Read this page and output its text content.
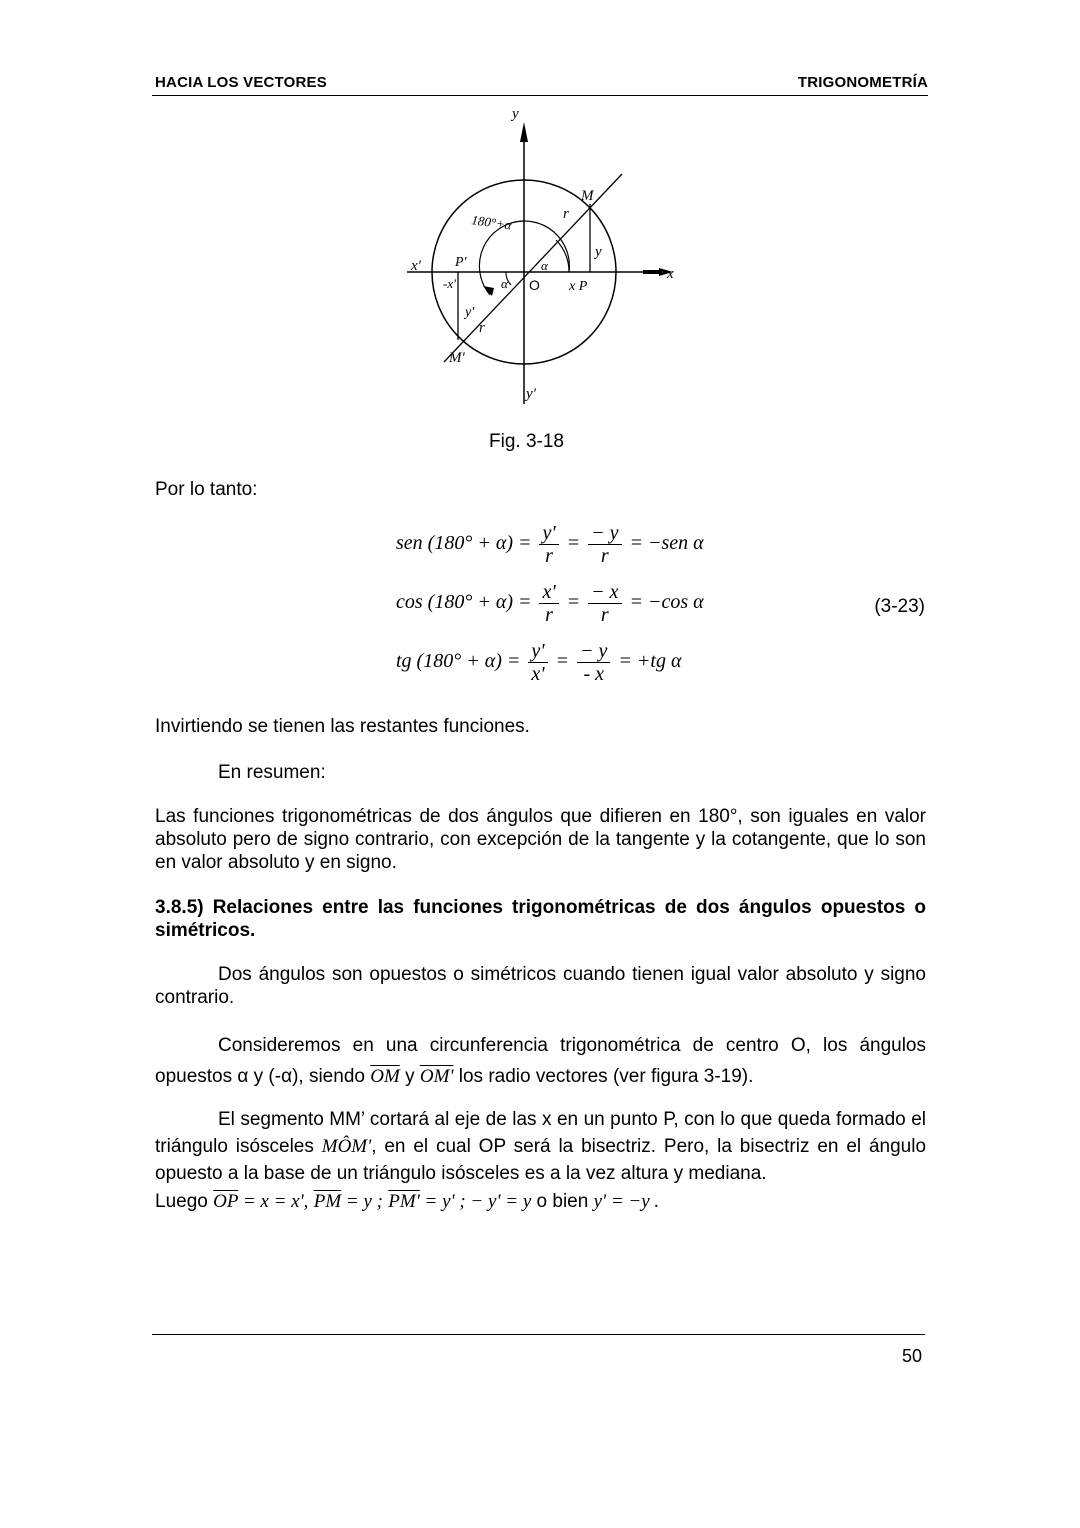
HACIA LOS VECTORES	TRIGONOMETRÍA
y
y'
x
x'
M
M'
x P
P'
O
r
r
y
y'
-x'
α
α
180°+α
Fig. 3-18
Por lo tanto:
sen $(180^\circ + \alpha) = \frac{y'}{r} = \frac{- y}{r} = -sen$ α
$\cos (180^\circ + \alpha) = \frac{x'}{r} = \frac{- x}{r} = -\cos$ α
tg $(180^\circ + \alpha) = \frac{y'}{x'} = \frac{- y}{- x} = +tg$ α
(3-23)
Invirtiendo se tienen las restantes funciones.
En resumen:
Las funciones trigonométricas de dos ángulos que difieren en 180°, son iguales en valor absoluto pero de signo contrario, con excepción de la tangente y la cotangente, que lo son en valor absoluto y en signo.
3.8.5) Relaciones entre las funciones trigonométricas de dos ángulos opuestos o simétricos.
Dos ángulos son opuestos o simétricos cuando tienen igual valor absoluto y signo contrario.
Consideremos en una circunferencia trigonométrica de centro O, los ángulos opuestos α y (-α), siendo $\overline{OM}$ y OM' los radio vectores (ver figura 3-19).
El segmento MM’ cortará al eje de las x en un punto P, con lo que queda formado el triángulo isósceles MÔM', en el cual OP será la bisectriz. Pero, la bisectriz en el ángulo opuesto a la base de un triángulo isósceles es a la vez altura y mediana.
Luego $\overline{OP} = x = x'$, $\overline{PM} = y$ ; PM' = y' ; − y' = y o bien y' = −y .
50
